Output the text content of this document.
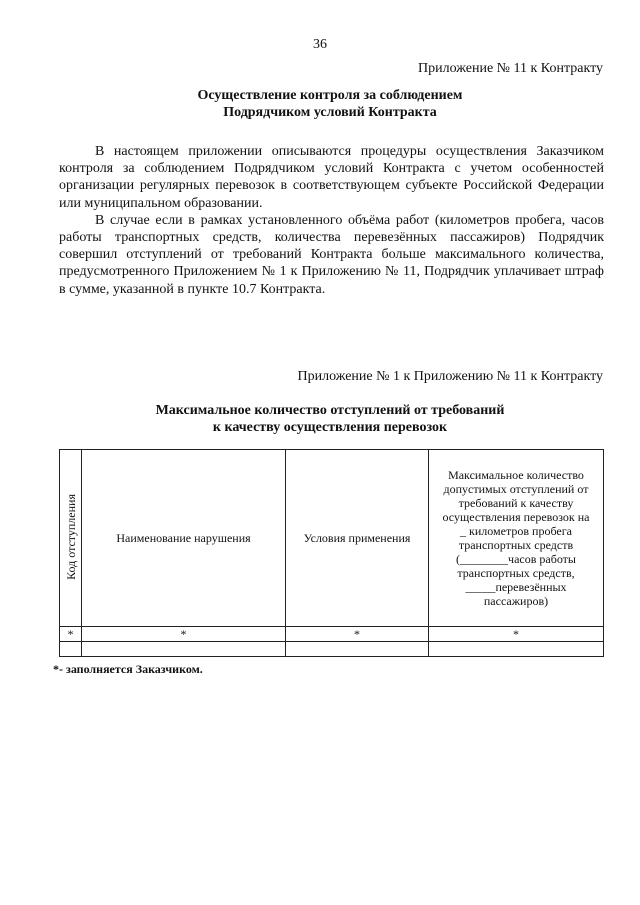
36
Приложение № 11 к Контракту
Осуществление контроля за соблюдением
Подрядчиком условий Контракта

В настоящем приложении описываются процедуры осуществления Заказчиком контроля за соблюдением Подрядчиком условий Контракта с учетом особенностей организации регулярных перевозок в соответствующем субъекте Российской Федерации или муниципальном образовании.

В случае если в рамках установленного объёма работ (километров пробега, часов работы транспортных средств, количества перевезённых пассажиров) Подрядчик совершил отступлений от требований Контракта больше максимального количества, предусмотренного Приложением № 1 к Приложению № 11, Подрядчик уплачивает штраф в сумме, указанной в пункте 10.7 Контракта.

Приложение № 1 к Приложению № 11 к Контракту
Максимальное количество отступлений от требований
к качеству осуществления перевозок
Код отступления	Наименование нарушения	Условия применения	Максимальное количество допустимых отступлений от требований к качеству осуществления перевозок на _ километров пробега транспортных средств (________часов работы транспортных средств, _____перевезённых пассажиров)
*	*	*	*

*- заполняется Заказчиком.
